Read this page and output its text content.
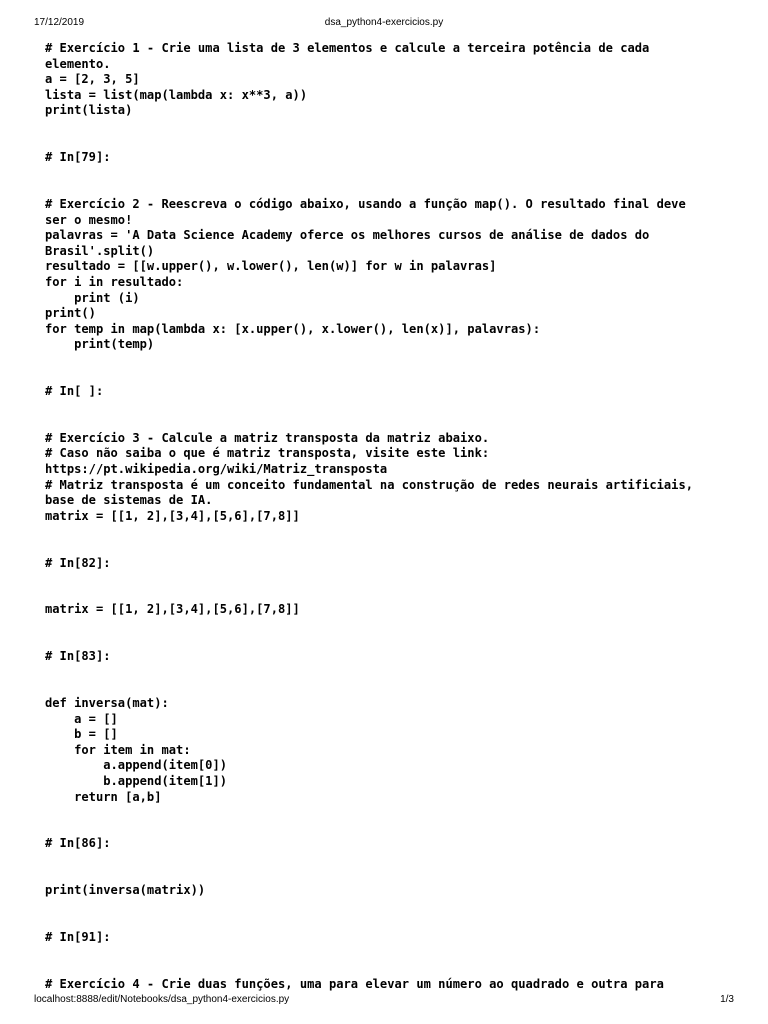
17/12/2019	dsa_python4-exercicios.py
# Exercício 1 - Crie uma lista de 3 elementos e calcule a terceira potência de cada
elemento.
a = [2, 3, 5]
lista = list(map(lambda x: x**3, a))
print(lista)
# In[79]:
# Exercício 2 - Reescreva o código abaixo, usando a função map(). O resultado final deve
ser o mesmo!
palavras = 'A Data Science Academy oferce os melhores cursos de análise de dados do
Brasil'.split()
resultado = [[w.upper(), w.lower(), len(w)] for w in palavras]
for i in resultado:
print (i)
print()
for temp in map(lambda x: [x.upper(), x.lower(), len(x)], palavras):
print(temp)
# In[ ]:
# Exercício 3 - Calcule a matriz transposta da matriz abaixo.
# Caso não saiba o que é matriz transposta, visite este link:
https://pt.wikipedia.org/wiki/Matriz_transposta
# Matriz transposta é um conceito fundamental na construção de redes neurais artificiais,
base de sistemas de IA.
matrix = [[1, 2],[3,4],[5,6],[7,8]]
# In[82]:
matrix = [[1, 2],[3,4],[5,6],[7,8]]
# In[83]:
def inversa(mat):
a = []
b = []
for item in mat:
a.append(item[0])
b.append(item[1])
return [a,b]
# In[86]:
print(inversa(matrix))
# In[91]:
# Exercício 4 - Crie duas funções, uma para elevar um número ao quadrado e outra para
localhost:8888/edit/Notebooks/dsa_python4-exercicios.py	1/3
